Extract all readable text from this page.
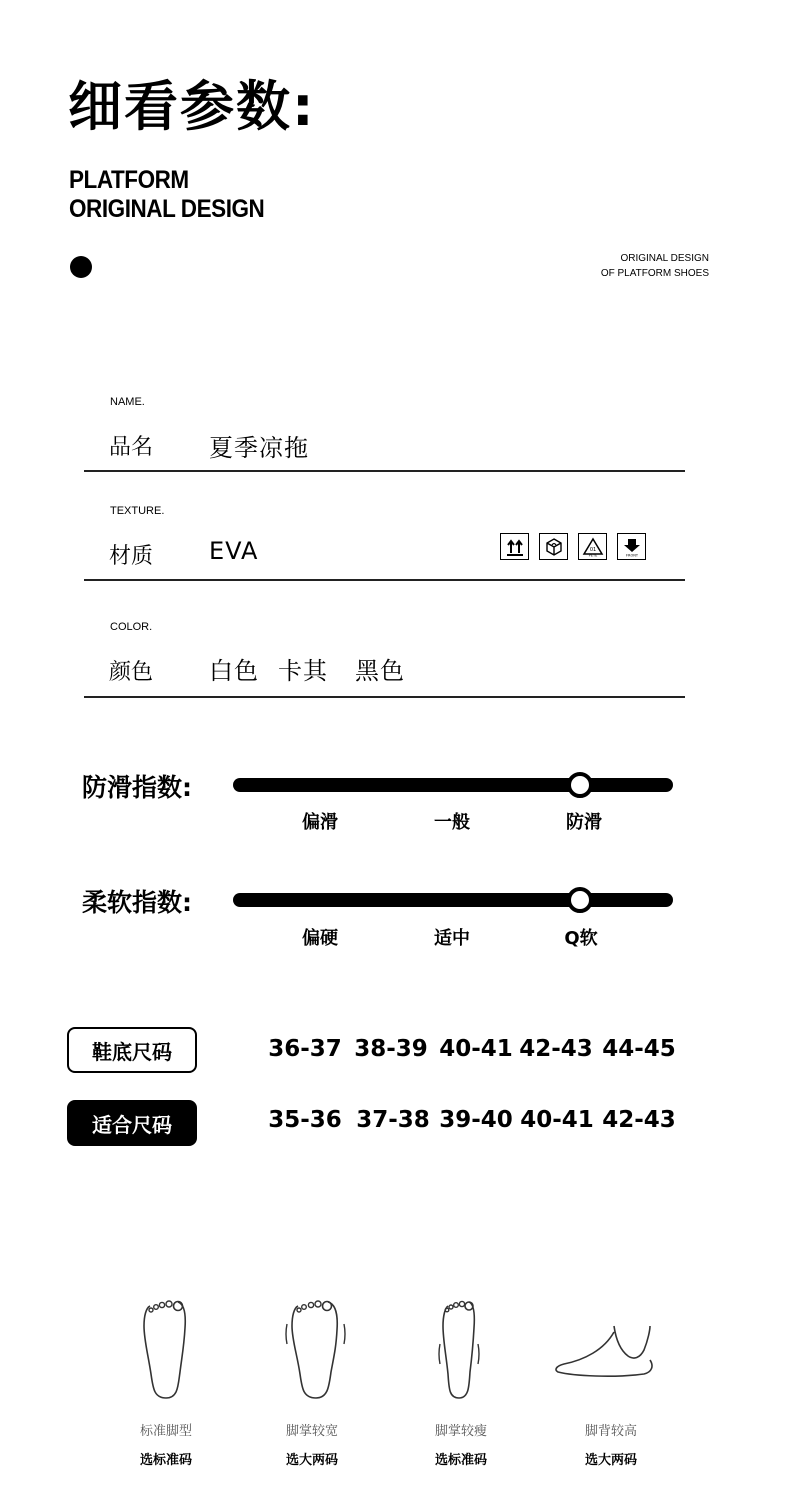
细看参数:
PLATFORM
ORIGINAL DESIGN
ORIGINAL DESIGN
OF PLATFORM SHOES
NAME.
品名 夏季凉拖
TEXTURE.
材质 EVA	01
PETE	FRONT
COLOR.
颜色 白色 卡其 黑色
防滑指数:
偏滑	一般	防滑
柔软指数:
偏硬	适中	Q软
鞋底尺码	36-37 38-39 40-41 42-43 44-45
适合尺码	35-36 37-38 39-40 40-41 42-43
标准脚型
选标准码
脚掌较宽
选大两码
脚掌较瘦
选标准码
脚背较高
选大两码
